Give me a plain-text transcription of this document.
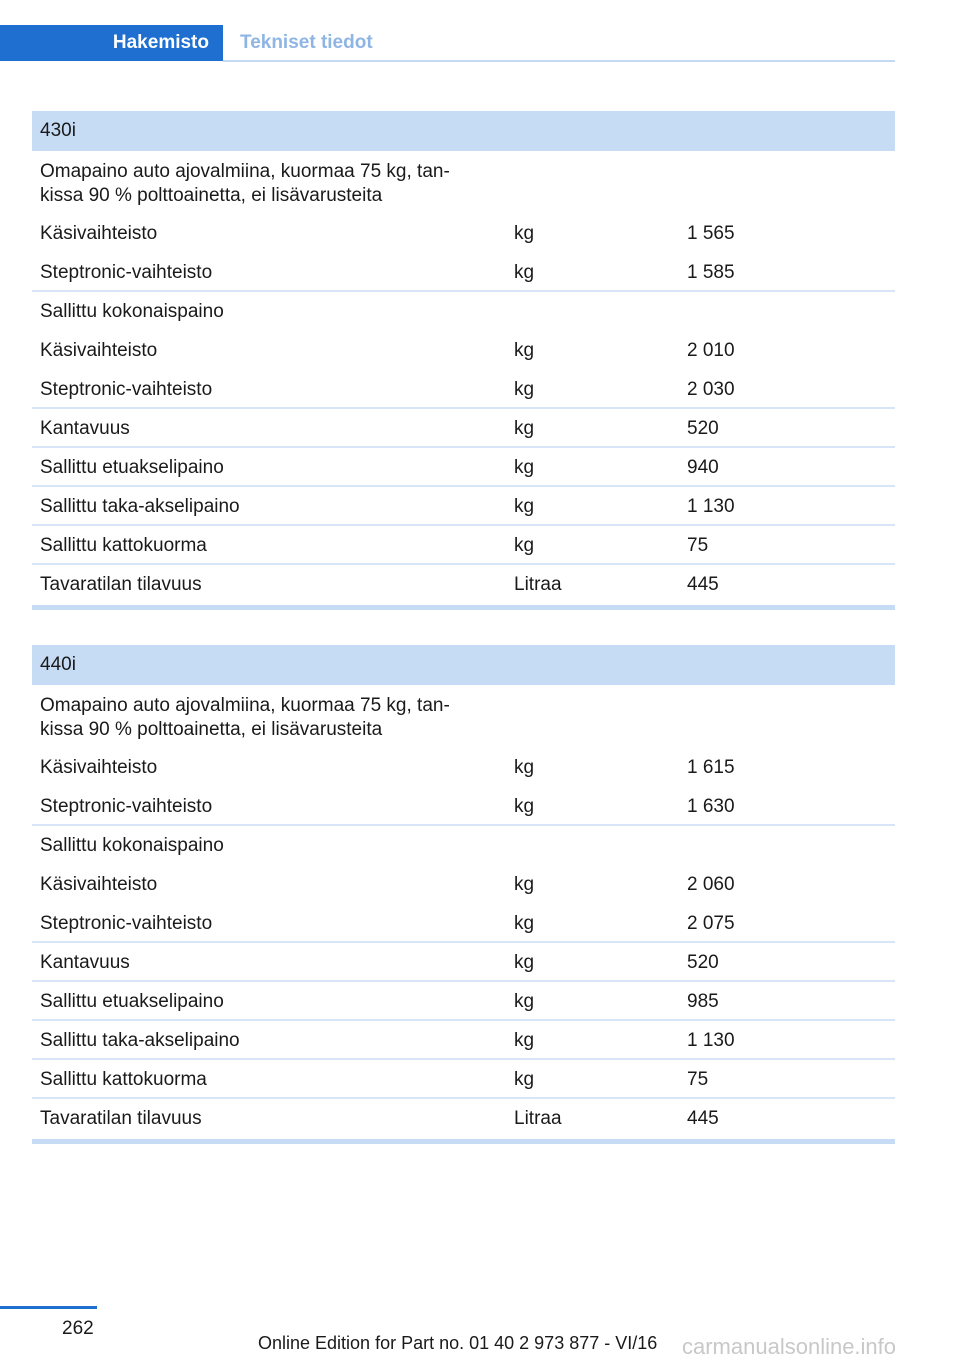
Hakemisto	Tekniset tiedot
430i
Omapaino auto ajovalmiina, kuormaa 75 kg, tan-
kissa 90 % polttoainetta, ei lisävarusteita
Käsivaihteisto	kg	1 565
Steptronic-vaihteisto	kg	1 585
Sallittu kokonaispaino
Käsivaihteisto	kg	2 010
Steptronic-vaihteisto	kg	2 030
Kantavuus	kg	520
Sallittu etuakselipaino	kg	940
Sallittu taka-akselipaino	kg	1 130
Sallittu kattokuorma	kg	75
Tavaratilan tilavuus	Litraa	445
440i
Omapaino auto ajovalmiina, kuormaa 75 kg, tan-
kissa 90 % polttoainetta, ei lisävarusteita
Käsivaihteisto	kg	1 615
Steptronic-vaihteisto	kg	1 630
Sallittu kokonaispaino
Käsivaihteisto	kg	2 060
Steptronic-vaihteisto	kg	2 075
Kantavuus	kg	520
Sallittu etuakselipaino	kg	985
Sallittu taka-akselipaino	kg	1 130
Sallittu kattokuorma	kg	75
Tavaratilan tilavuus	Litraa	445
262
Online Edition for Part no. 01 40 2 973 877 - VI/16 carmanualsonline.info
